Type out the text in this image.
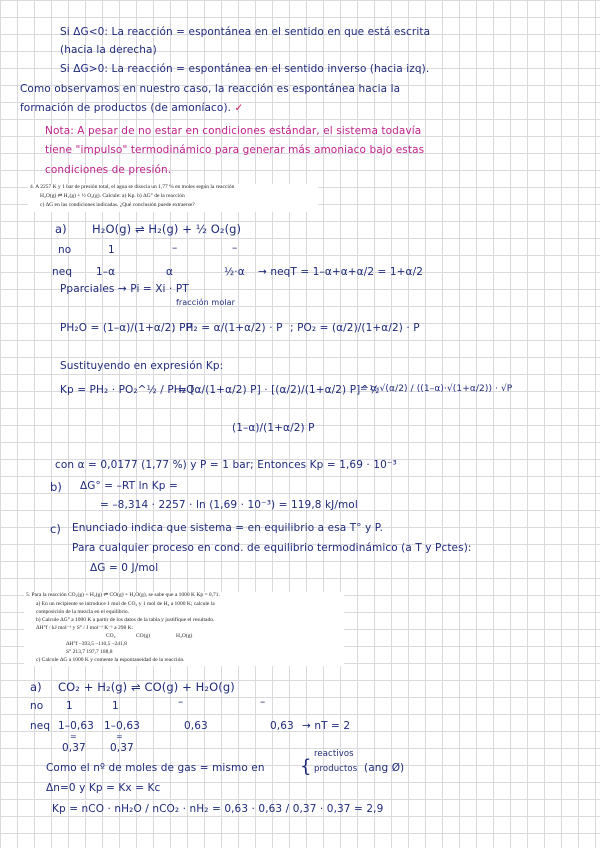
Si ΔG<0: La reacción = espontánea en el sentido en que está escrita
(hacia la derecha)
Si ΔG>0: La reacción = espontánea en el sentido inverso (hacia izq).
Como observamos en nuestro caso, la reacción es espontánea hacia la
formación de productos (de amoníaco). ✓
Nota: A pesar de no estar en condiciones estándar, el sistema todavía
tiene "impulso" termodinámico para generar más amoniaco bajo estas
condiciones de presión.
4. A 2257 K y 1 bar de presión total, el agua se disocia un 1,77 % en moles según la reacción
H₂O(g) ⇌ H₂(g) + ½ O₂(g). Calcule: a) Kp. b) ΔG° de la reacción
c) ΔG en las condiciones indicadas. ¿Qué conclusión puede extraerse?
a) H₂O(g) ⇌ H₂(g) + ½ O₂(g)
no	1	–	–
neq 1–α	α	½·α → neqT = 1–α+α+α/2 = 1+α/2
Pparciales → Pi = Xi · PT
fracción molar
PH₂O = (1–α)/(1+α/2) · P
; PH₂ = α/(1+α/2) · P ; PO₂ = (α/2)/(1+α/2) · P
Sustituyendo en expresión Kp:
Kp = PH₂ · PO₂^½ / PH₂O
= [α/(1+α/2) P] · [(α/2)/(1+α/2) P]^½
(1–α)/(1+α/2) P
= α·√(α/2) / ((1–α)·√(1+α/2)) · √P
con α = 0,0177 (1,77 %) y P = 1 bar; Entonces Kp = 1,69 · 10⁻³
b) ΔG° = –RT ln Kp =
= –8,314 · 2257 · ln (1,69 · 10⁻³) = 119,8 kJ/mol
c) Enunciado indica que sistema = en equilibrio a esa T° y P.
Para cualquier proceso en cond. de equilibrio termodinámico (a T y Pctes):
ΔG = 0 J/mol
5. Para la reacción CO₂(g) + H₂(g) ⇌ CO(g) + H₂O(g), se sabe que a 1000 K Kp = 0,71.
a) En un recipiente se introduce 1 mol de CO₂ y 1 mol de H₂ a 1000 K; calcule la
composición de la mezcla en el equilibrio.
b) Calcule ΔG° a 1000 K a partir de los datos de la tabla y justifique el resultado.
ΔH°f / kJ mol⁻¹ y S° / J mol⁻¹ K⁻¹ a 298 K:
CO₂	CO(g)	H₂O(g)
ΔH°f –393,5 –110,5 –241,8
S° 213,7 197,7 188,8
c) Calcule ΔG a 1000 K y comente la espontaneidad de la reacción.
a) CO₂ + H₂(g) ⇌ CO(g) + H₂O(g)
no 1	1	–	–
neq 1–0,63 1–0,63	0,63	0,63 → nT = 2
=	=
0,37 0,37
Como el nº de moles de gas = mismo en {
reactivos
productos (ang Ø)
Δn=0 y Kp = Kx = Kc
Kp = nCO · nH₂O / nCO₂ · nH₂ = 0,63 · 0,63 / 0,37 · 0,37 = 2,9
